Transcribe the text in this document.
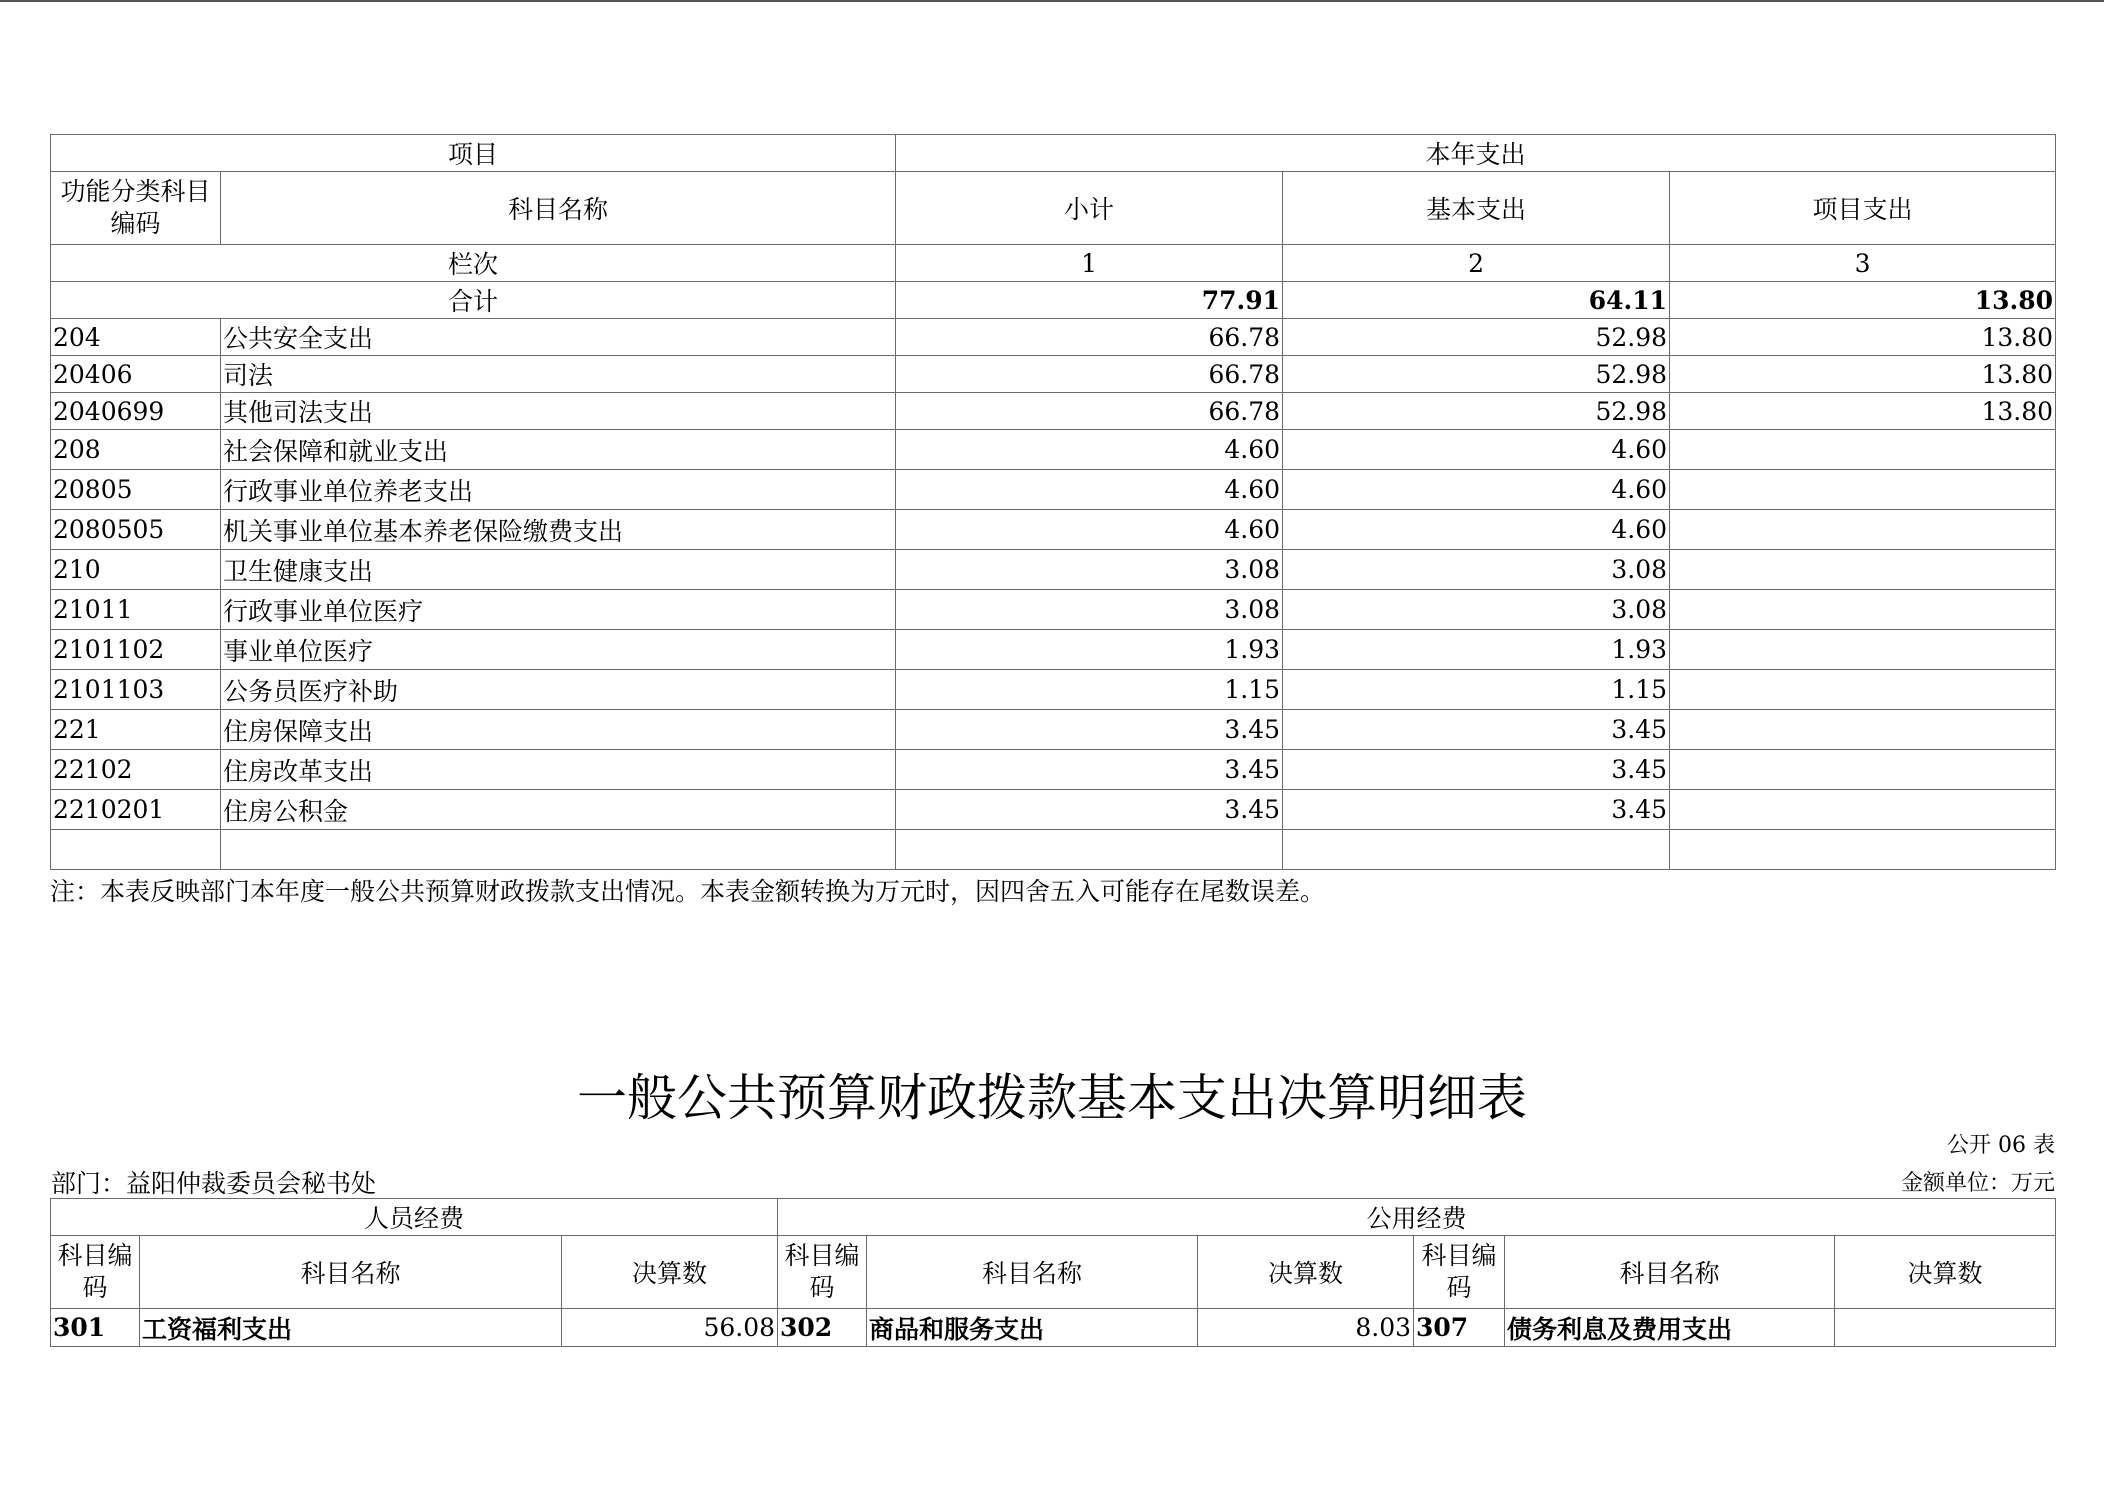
项目		本年支出		
功能分类科目编码	科目名称	小计	基本支出	项目支出
栏次		1	2	3
合计		77.91	64.11	13.80
204	公共安全支出	66.78	52.98	13.80
20406	司法	66.78	52.98	13.80
2040699	其他司法支出	66.78	52.98	13.80
208	社会保障和就业支出	4.60	4.60	
20805	行政事业单位养老支出	4.60	4.60	
2080505	机关事业单位基本养老保险缴费支出	4.60	4.60	
210	卫生健康支出	3.08	3.08	
21011	行政事业单位医疗	3.08	3.08	
2101102	事业单位医疗	1.93	1.93	
2101103	公务员医疗补助	1.15	1.15	
221	住房保障支出	3.45	3.45	
22102	住房改革支出	3.45	3.45	
2210201	住房公积金	3.45	3.45	

注：本表反映部门本年度一般公共预算财政拨款支出情况。本表金额转换为万元时，因四舍五入可能存在尾数误差。
一般公共预算财政拨款基本支出决算明细表
公开 06 表
部门：益阳仲裁委员会秘书处	金额单位：万元
人员经费			公用经费					
科目编码	科目名称	决算数	科目编码	科目名称	决算数	科目编码	科目名称	决算数
301	工资福利支出	56.08	302	商品和服务支出	8.03	307	债务利息及费用支出	
